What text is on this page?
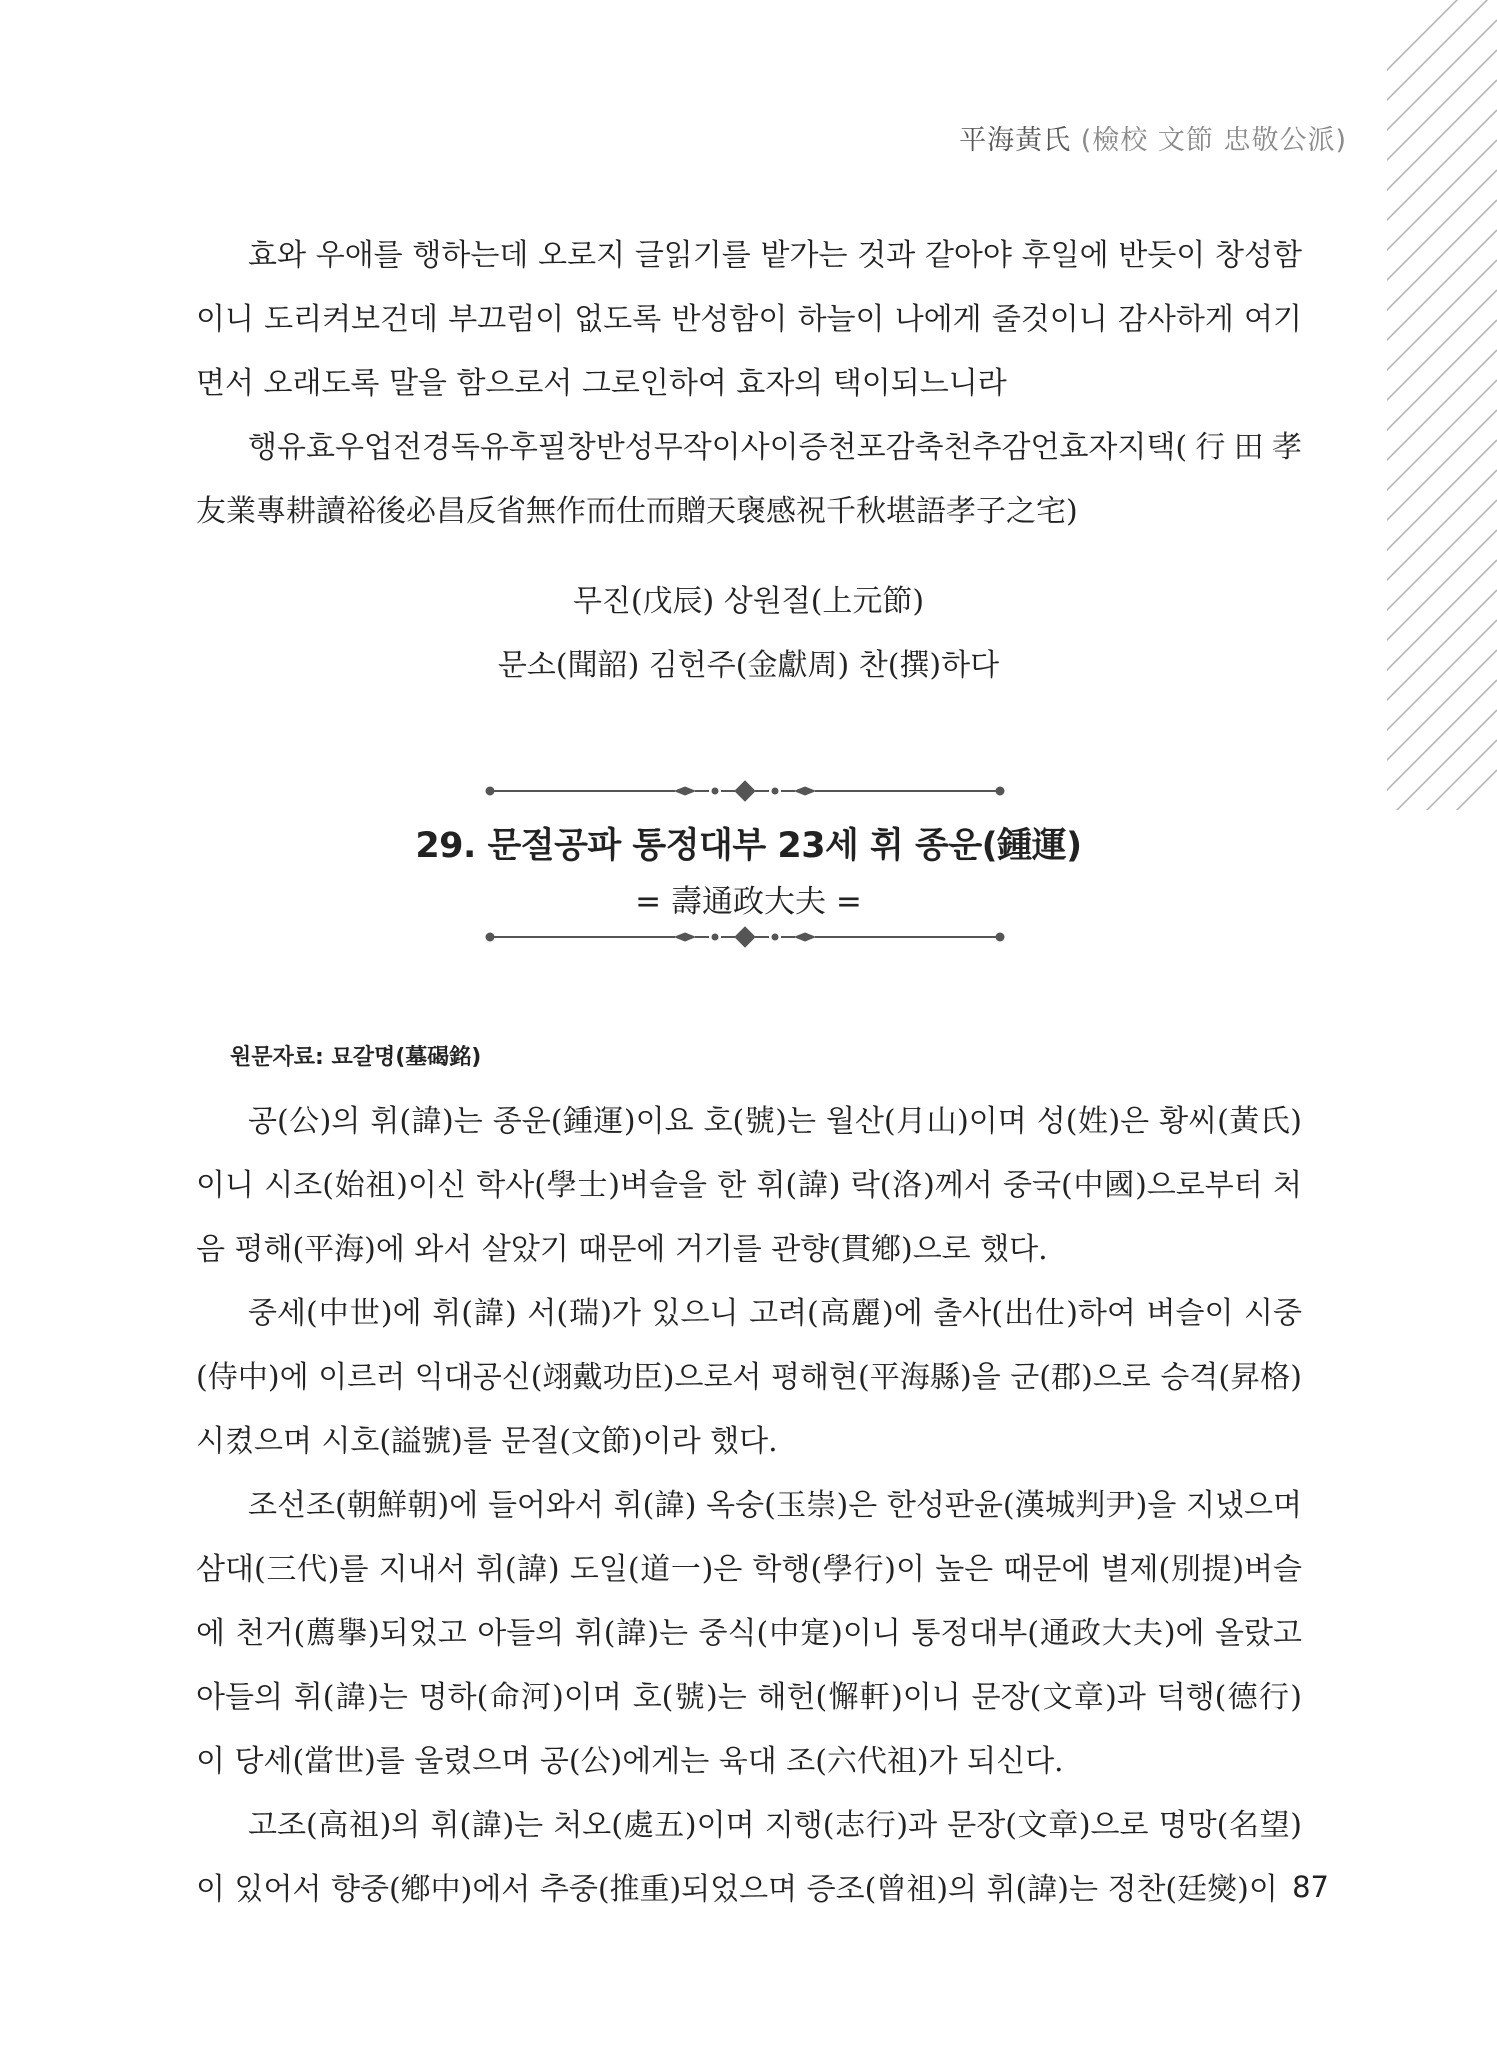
平海黃氏 (檢校 文節 忠敬公派)

효와 우애를 행하는데 오로지 글읽기를 밭가는 것과 같아야 후일에 반듯이 창성함이니 도리켜보건데 부끄럼이 없도록 반성함이 하늘이 나에게 줄것이니 감사하게 여기면서 오래도록 말을 함으로서 그로인하여 효자의 택이되느니라

행유효우업전경독유후필창반성무작이사이증천포감축천추감언효자지택(行田孝友業專耕讀裕後必昌反省無作而仕而贈天襃感祝千秋堪語孝子之宅)

무진(戊辰) 상원절(上元節)
문소(聞韶) 김헌주(金獻周) 찬(撰)하다
29. 문절공파 통정대부 23세 휘 종운(鍾運)
= 壽通政大夫 =
원문자료: 묘갈명(墓碣銘)

공(公)의 휘(諱)는 종운(鍾運)이요 호(號)는 월산(月山)이며 성(姓)은 황씨(黃氏)이니 시조(始祖)이신 학사(學士)벼슬을 한 휘(諱) 락(洛)께서 중국(中國)으로부터 처음 평해(平海)에 와서 살았기 때문에 거기를 관향(貫鄕)으로 했다.

중세(中世)에 휘(諱) 서(瑞)가 있으니 고려(高麗)에 출사(出仕)하여 벼슬이 시중(侍中)에 이르러 익대공신(翊戴功臣)으로서 평해현(平海縣)을 군(郡)으로 승격(昇格)시켰으며 시호(謚號)를 문절(文節)이라 했다.

조선조(朝鮮朝)에 들어와서 휘(諱) 옥숭(玉崇)은 한성판윤(漢城判尹)을 지냈으며 삼대(三代)를 지내서 휘(諱) 도일(道一)은 학행(學行)이 높은 때문에 별제(別提)벼슬에 천거(薦擧)되었고 아들의 휘(諱)는 중식(中寔)이니 통정대부(通政大夫)에 올랐고 아들의 휘(諱)는 명하(命河)이며 호(號)는 해헌(懈軒)이니 문장(文章)과 덕행(德行)이 당세(當世)를 울렸으며 공(公)에게는 육대 조(六代祖)가 되신다.

고조(高祖)의 휘(諱)는 처오(處五)이며 지행(志行)과 문장(文章)으로 명망(名望)이 있어서 향중(鄕中)에서 추중(推重)되었으며 증조(曾祖)의 휘(諱)는 정찬(廷爕)이 87
